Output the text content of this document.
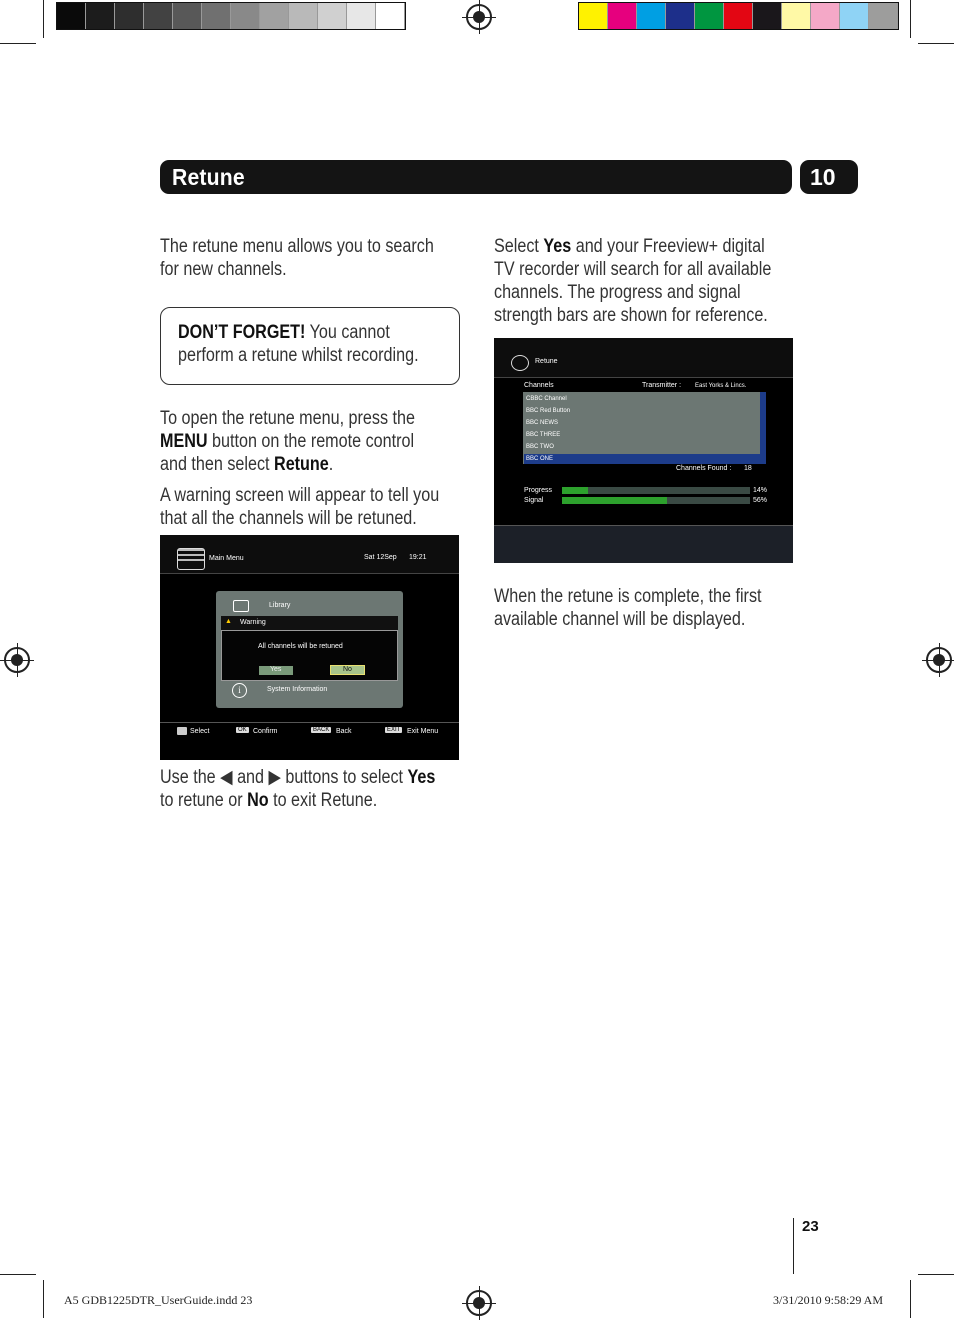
Retune	10
The retune menu allows you to search
for new channels.
DON’T FORGET! You cannot
perform a retune whilst recording.
To open the retune menu, press the
MENU button on the remote control
and then select Retune.
A warning screen will appear to tell you
that all the channels will be retuned.
Main Menu	Sat 12Sep 19:21
Library
▲ Warning
All channels will be retuned
Yes	No
i	System Information
Select	OK Confirm	BACK Back	EXIT Exit Menu
Use the ◀ and ▶ buttons to select Yes
to retune or No to exit Retune.
Select Yes and your Freeview+ digital
TV recorder will search for all available
channels. The progress and signal
strength bars are shown for reference.
Retune
Channels	Transmitter : East Yorks & Lincs.
CBBC Channel
BBC Red Button
BBC NEWS
BBC THREE
BBC TWO
BBC ONE
Channels Found : 18
Progress	14%
Signal	56%
When the retune is complete, the first
available channel will be displayed.
23
A5 GDB1225DTR_UserGuide.indd 23	3/31/2010 9:58:29 AM
